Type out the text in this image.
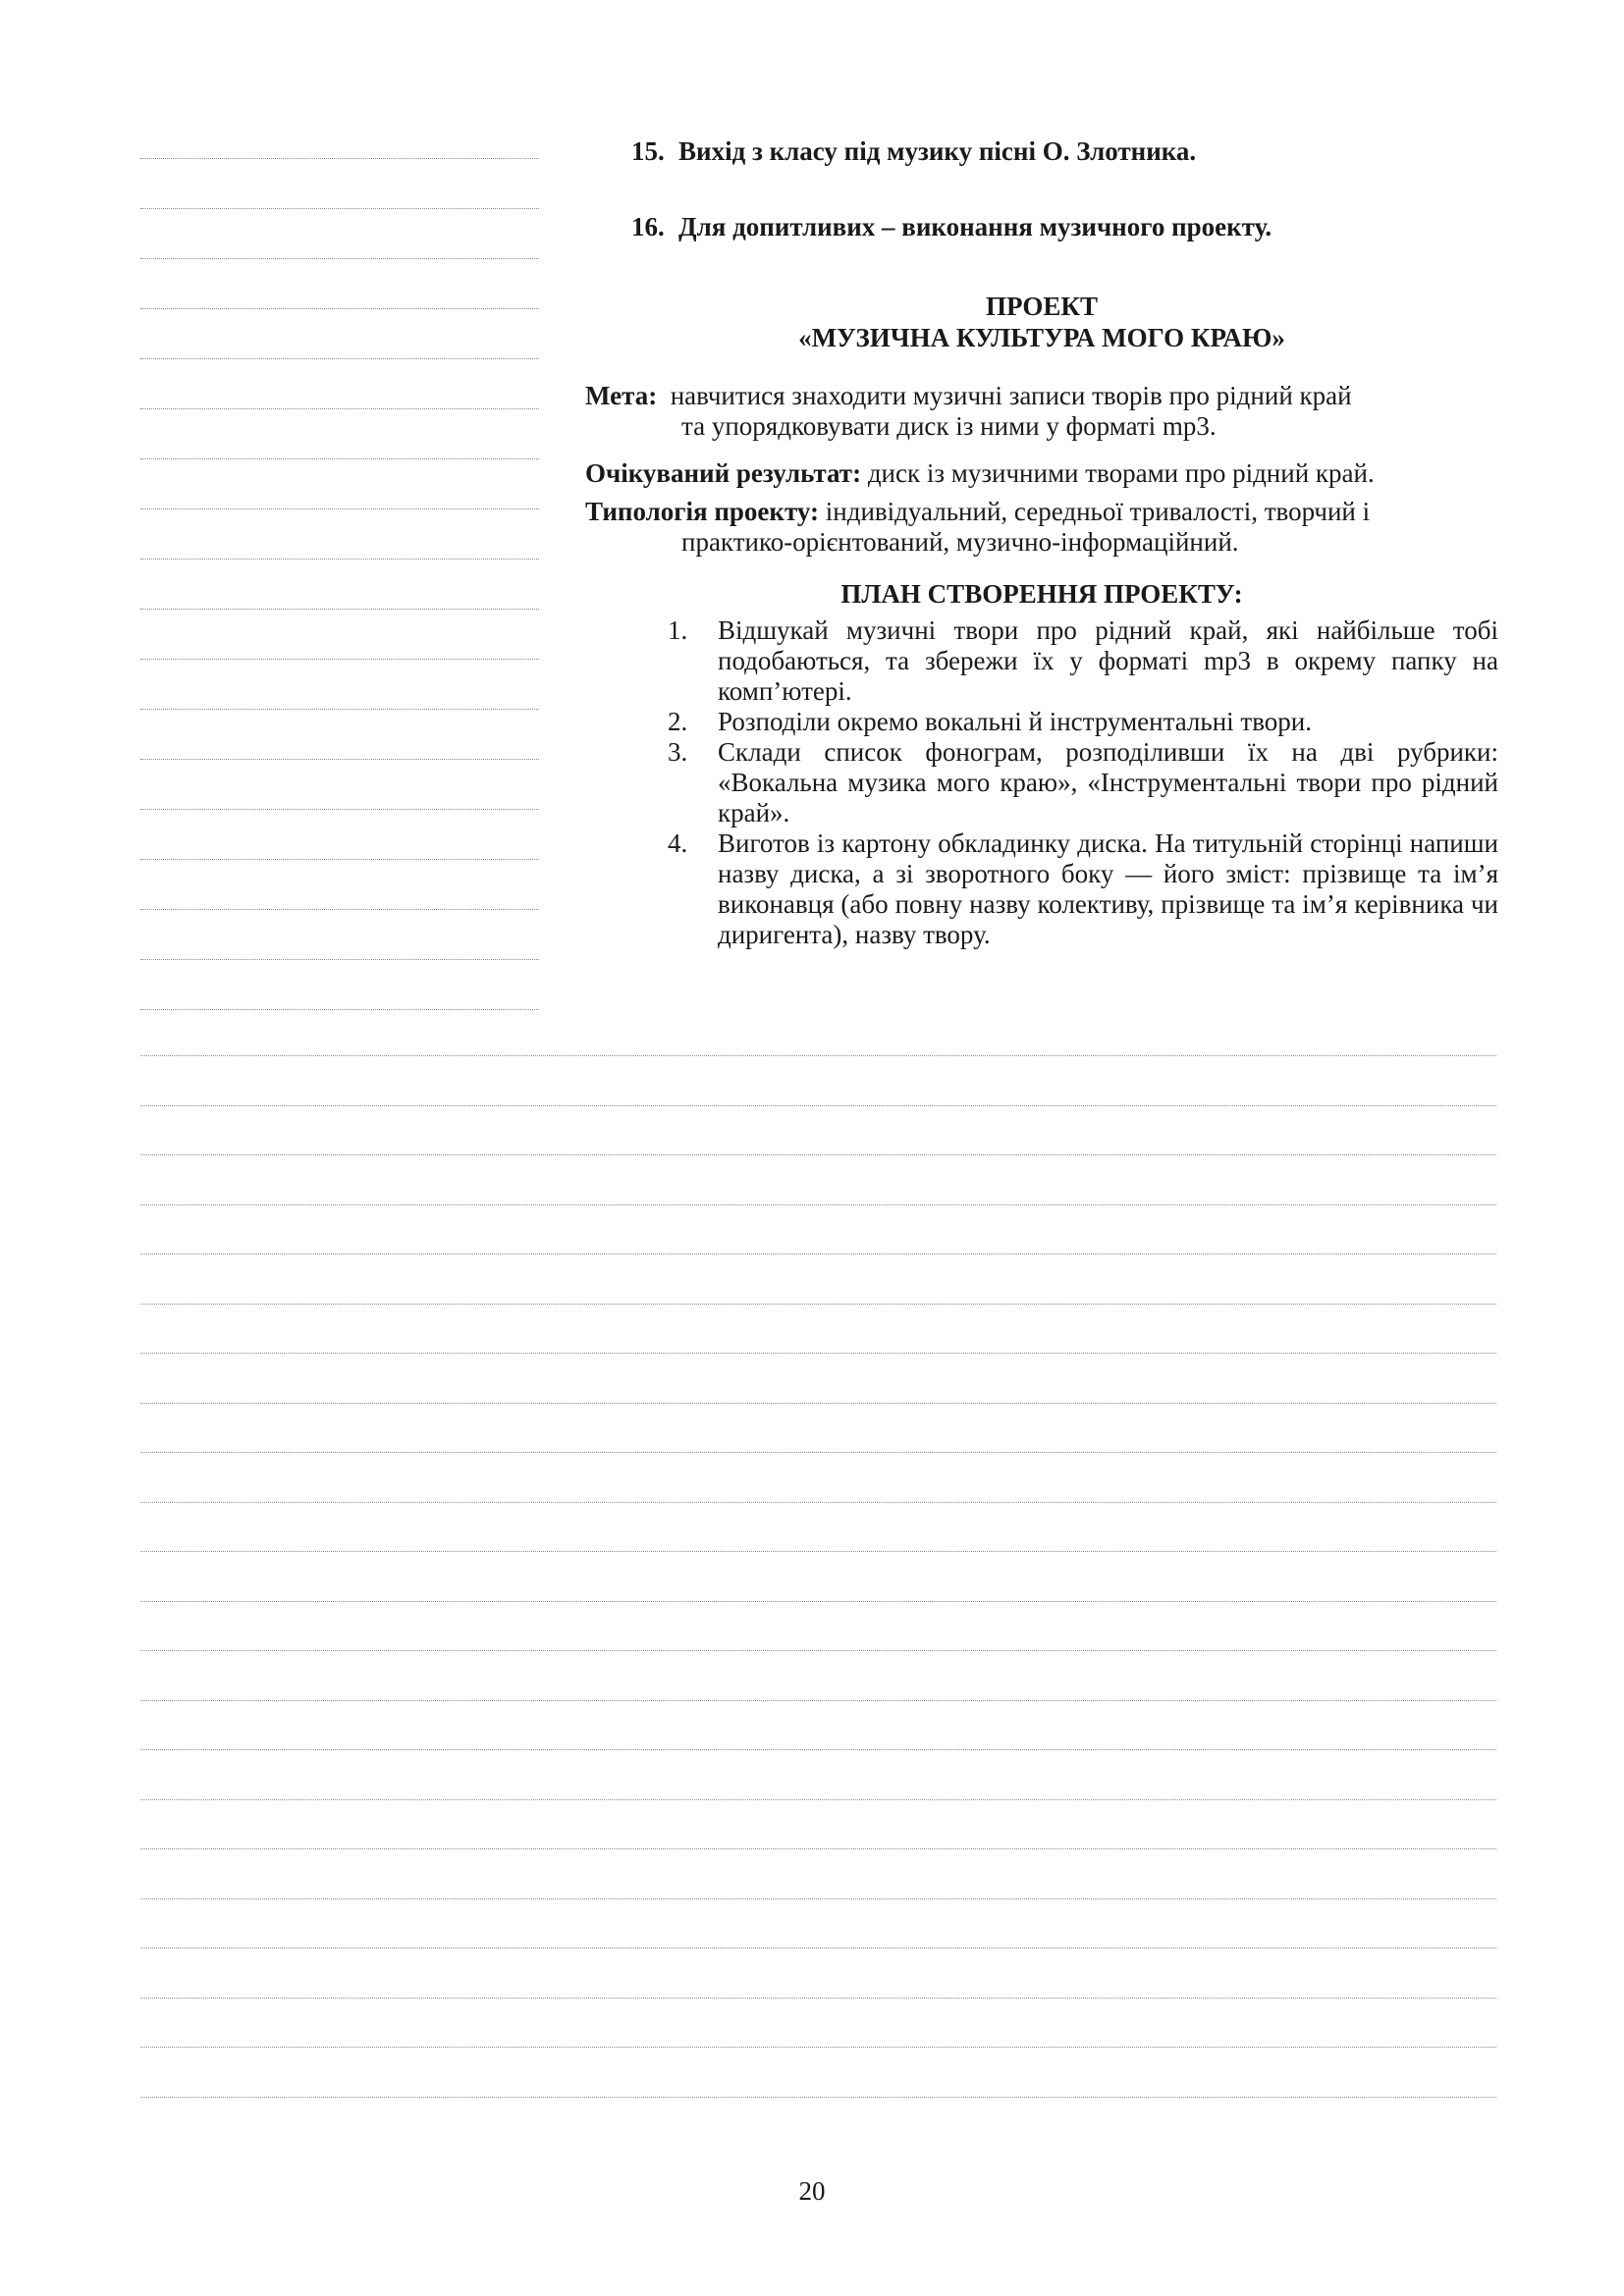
15. Вихід з класу під музику пісні О. Злотника.
16. Для допитливих – виконання музичного проекту.
ПРОЕКТ
«МУЗИЧНА КУЛЬТУРА МОГО КРАЮ»
Мета: навчитися знаходити музичні записи творів про рідний край
та упорядковувати диск із ними у форматі mp3.
Очікуваний результат: диск із музичними творами про рідний край.
Типологія проекту: індивідуальний, середньої тривалості, творчий і
практико-орієнтований, музично-інформаційний.
ПЛАН СТВОРЕННЯ ПРОЕКТУ:
1. Відшукай музичні твори про рідний край, які найбільше тобі подобаються, та збережи їх у форматі mp3 в окрему папку на комп’ютері.
2. Розподіли окремо вокальні й інструментальні твори.
3. Склади список фонограм, розподіливши їх на дві рубрики: «Вокальна музика мого краю», «Інструментальні твори про рідний край».
4. Виготов із картону обкладинку диска. На титульній сторінці напиши назву диска, а зі зворотного боку — його зміст: прізвище та ім’я виконавця (або повну назву колективу, прізвище та ім’я керівника чи диригента), назву твору.
20
